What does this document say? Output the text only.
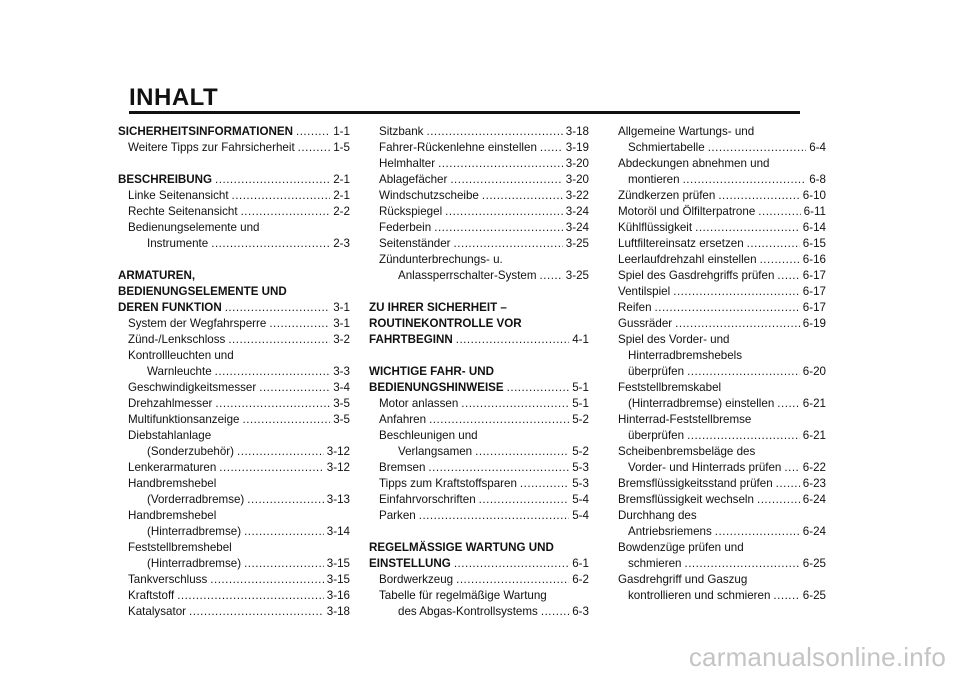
INHALT
SICHERHEITSINFORMATIONEN .....	1-1
Weitere Tipps zur Fahrsicherheit .....	1-5
BESCHREIBUNG .....	2-1
Linke Seitenansicht .....	2-1
Rechte Seitenansicht .....	2-2
Bedienungselemente und
Instrumente .....	2-3
ARMATUREN,
BEDIENUNGSELEMENTE UND
DEREN FUNKTION .....	3-1
System der Wegfahrsperre .....	3-1
Zünd-/Lenkschloss .....	3-2
Kontrollleuchten und
Warnleuchte .....	3-3
Geschwindigkeitsmesser .....	3-4
Drehzahlmesser .....	3-5
Multifunktionsanzeige .....	3-5
Diebstahlanlage
(Sonderzubehör) .....	3-12
Lenkerarmaturen .....	3-12
Handbremshebel
(Vorderradbremse) .....	3-13
Handbremshebel
(Hinterradbremse) .....	3-14
Feststellbremshebel
(Hinterradbremse) .....	3-15
Tankverschluss .....	3-15
Kraftstoff .....	3-16
Katalysator .....	3-18
Sitzbank .....	3-18
Fahrer-Rückenlehne einstellen ..... 3-19
Helmhalter .....	3-20
Ablagefächer .....	3-20
Windschutzscheibe .....	3-22
Rückspiegel .....	3-24
Federbein .....	3-24
Seitenständer .....	3-25
Zündunterbrechungs- u.
Anlassperrschalter-System .....	3-25
ZU IHRER SICHERHEIT –
ROUTINEKONTROLLE VOR
FAHRTBEGINN .....	4-1
WICHTIGE FAHR- UND
BEDIENUNGSHINWEISE .....	5-1
Motor anlassen .....	5-1
Anfahren .....	5-2
Beschleunigen und
Verlangsamen .....	5-2
Bremsen .....	5-3
Tipps zum Kraftstoffsparen .....	5-3
Einfahrvorschriften .....	5-4
Parken .....	5-4
REGELMÄSSIGE WARTUNG UND
EINSTELLUNG .....	6-1
Bordwerkzeug .....	6-2
Tabelle für regelmäßige Wartung
des Abgas-Kontrollsystems .....	6-3
Allgemeine Wartungs- und
Schmiertabelle .....	6-4
Abdeckungen abnehmen und
montieren .....	6-8
Zündkerzen prüfen .....	6-10
Motoröl und Ölfilterpatrone .....	6-11
Kühlflüssigkeit .....	6-14
Luftfiltereinsatz ersetzen .....	6-15
Leerlaufdrehzahl einstellen .....	6-16
Spiel des Gasdrehgriffs prüfen ..... 6-17
Ventilspiel .....	6-17
Reifen .....	6-17
Gussräder .....	6-19
Spiel des Vorder- und
Hinterradbremshebels
überprüfen .....	6-20
Feststellbremskabel
(Hinterradbremse) einstellen ..... 6-21
Hinterrad-Feststellbremse
überprüfen .....	6-21
Scheibenbremsbeläge des
Vorder- und Hinterrads prüfen ..... 6-22
Bremsflüssigkeitsstand prüfen .....	6-23
Bremsflüssigkeit wechseln .....	6-24
Durchhang des
Antriebsriemens .....	6-24
Bowdenzüge prüfen und
schmieren .....	6-25
Gasdrehgriff und Gaszug
kontrollieren und schmieren .....	6-25
carmanualsonline.info
